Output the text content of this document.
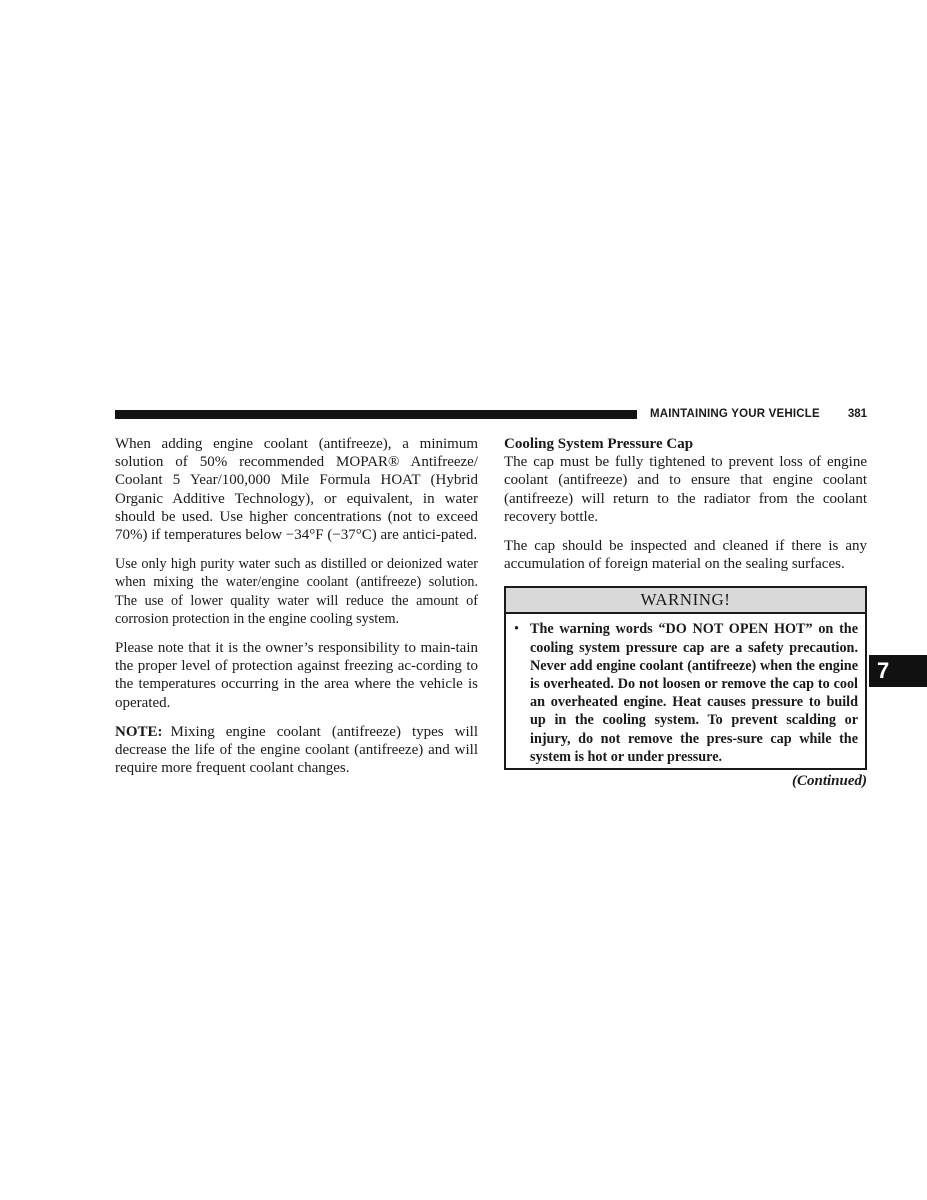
MAINTAINING YOUR VEHICLE	381

When adding engine coolant (antifreeze), a minimum solution of 50% recommended MOPAR® Antifreeze/ Coolant 5 Year/100,000 Mile Formula HOAT (Hybrid Organic Additive Technology), or equivalent, in water should be used. Use higher concentrations (not to exceed 70%) if temperatures below −34°F (−37°C) are antici-pated.

Use only high purity water such as distilled or deionized water when mixing the water/engine coolant (antifreeze) solution. The use of lower quality water will reduce the amount of corrosion protection in the engine cooling system.

Please note that it is the owner’s responsibility to main-tain the proper level of protection against freezing ac-cording to the temperatures occurring in the area where the vehicle is operated.

NOTE: Mixing engine coolant (antifreeze) types will decrease the life of the engine coolant (antifreeze) and will require more frequent coolant changes.

Cooling System Pressure Cap

The cap must be fully tightened to prevent loss of engine coolant (antifreeze) and to ensure that engine coolant (antifreeze) will return to the radiator from the coolant recovery bottle.

The cap should be inspected and cleaned if there is any accumulation of foreign material on the sealing surfaces.

WARNING!
• The warning words “DO NOT OPEN HOT” on the cooling system pressure cap are a safety precaution. Never add engine coolant (antifreeze) when the engine is overheated. Do not loosen or remove the cap to cool an overheated engine. Heat causes pressure to build up in the cooling system. To prevent scalding or injury, do not remove the pres-sure cap while the system is hot or under pressure.
(Continued)
7
